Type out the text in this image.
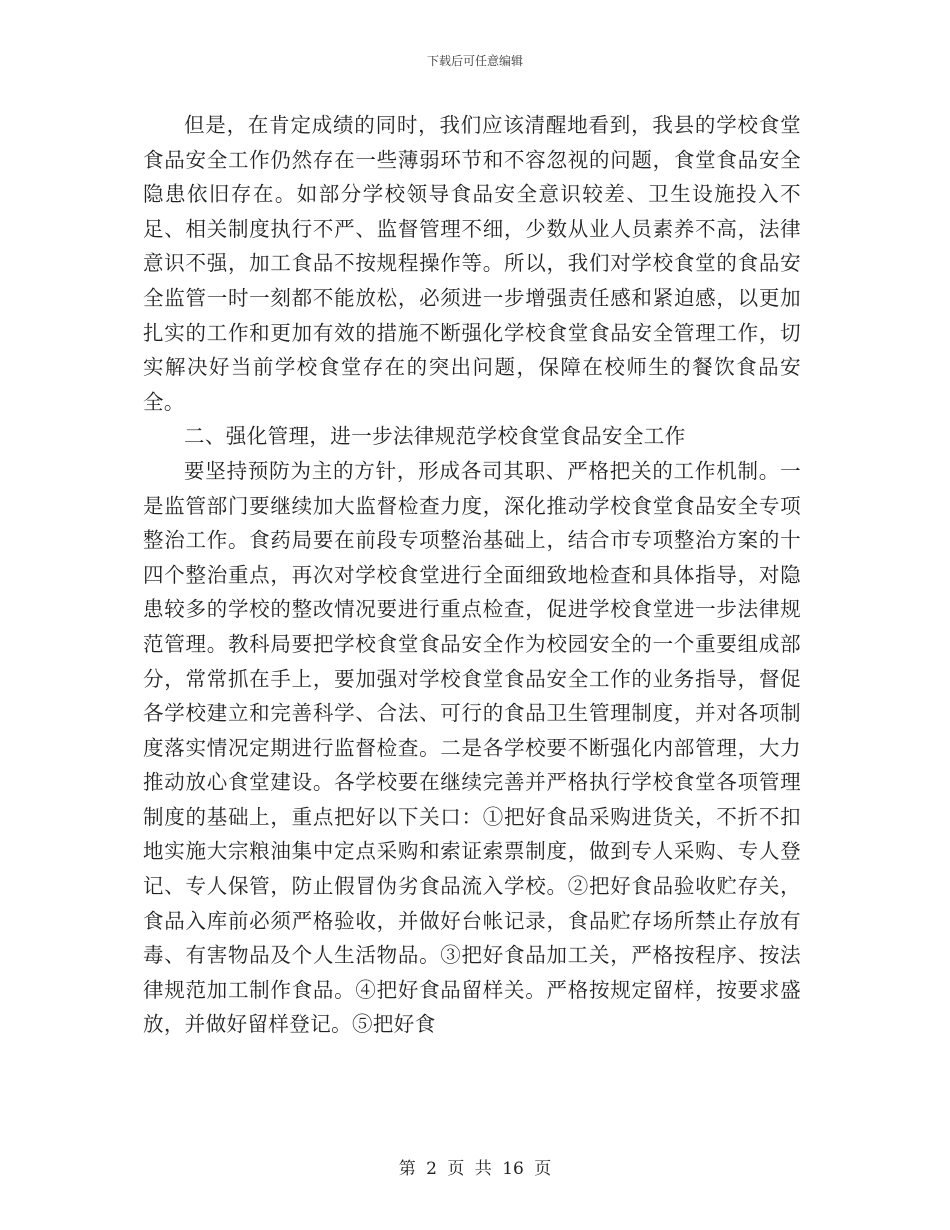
下载后可任意编辑

但是，在肯定成绩的同时，我们应该清醒地看到，我县的学校食堂食品安全工作仍然存在一些薄弱环节和不容忽视的问题，食堂食品安全隐患依旧存在。如部分学校领导食品安全意识较差、卫生设施投入不足、相关制度执行不严、监督管理不细，少数从业人员素养不高，法律意识不强，加工食品不按规程操作等。所以，我们对学校食堂的食品安全监管一时一刻都不能放松，必须进一步增强责任感和紧迫感，以更加扎实的工作和更加有效的措施不断强化学校食堂食品安全管理工作，切实解决好当前学校食堂存在的突出问题，保障在校师生的餐饮食品安全。

二、强化管理，进一步法律规范学校食堂食品安全工作

要坚持预防为主的方针，形成各司其职、严格把关的工作机制。一是监管部门要继续加大监督检查力度，深化推动学校食堂食品安全专项整治工作。食药局要在前段专项整治基础上，结合市专项整治方案的十四个整治重点，再次对学校食堂进行全面细致地检查和具体指导，对隐患较多的学校的整改情况要进行重点检查，促进学校食堂进一步法律规范管理。教科局要把学校食堂食品安全作为校园安全的一个重要组成部分，常常抓在手上，要加强对学校食堂食品安全工作的业务指导，督促各学校建立和完善科学、合法、可行的食品卫生管理制度，并对各项制度落实情况定期进行监督检查。二是各学校要不断强化内部管理，大力推动放心食堂建设。各学校要在继续完善并严格执行学校食堂各项管理制度的基础上，重点把好以下关口：①把好食品采购进货关，不折不扣地实施大宗粮油集中定点采购和索证索票制度，做到专人采购、专人登记、专人保管，防止假冒伪劣食品流入学校。②把好食品验收贮存关，食品入库前必须严格验收，并做好台帐记录，食品贮存场所禁止存放有毒、有害物品及个人生活物品。③把好食品加工关，严格按程序、按法律规范加工制作食品。④把好食品留样关。严格按规定留样，按要求盛放，并做好留样登记。⑤把好食

第 2 页 共 16 页
